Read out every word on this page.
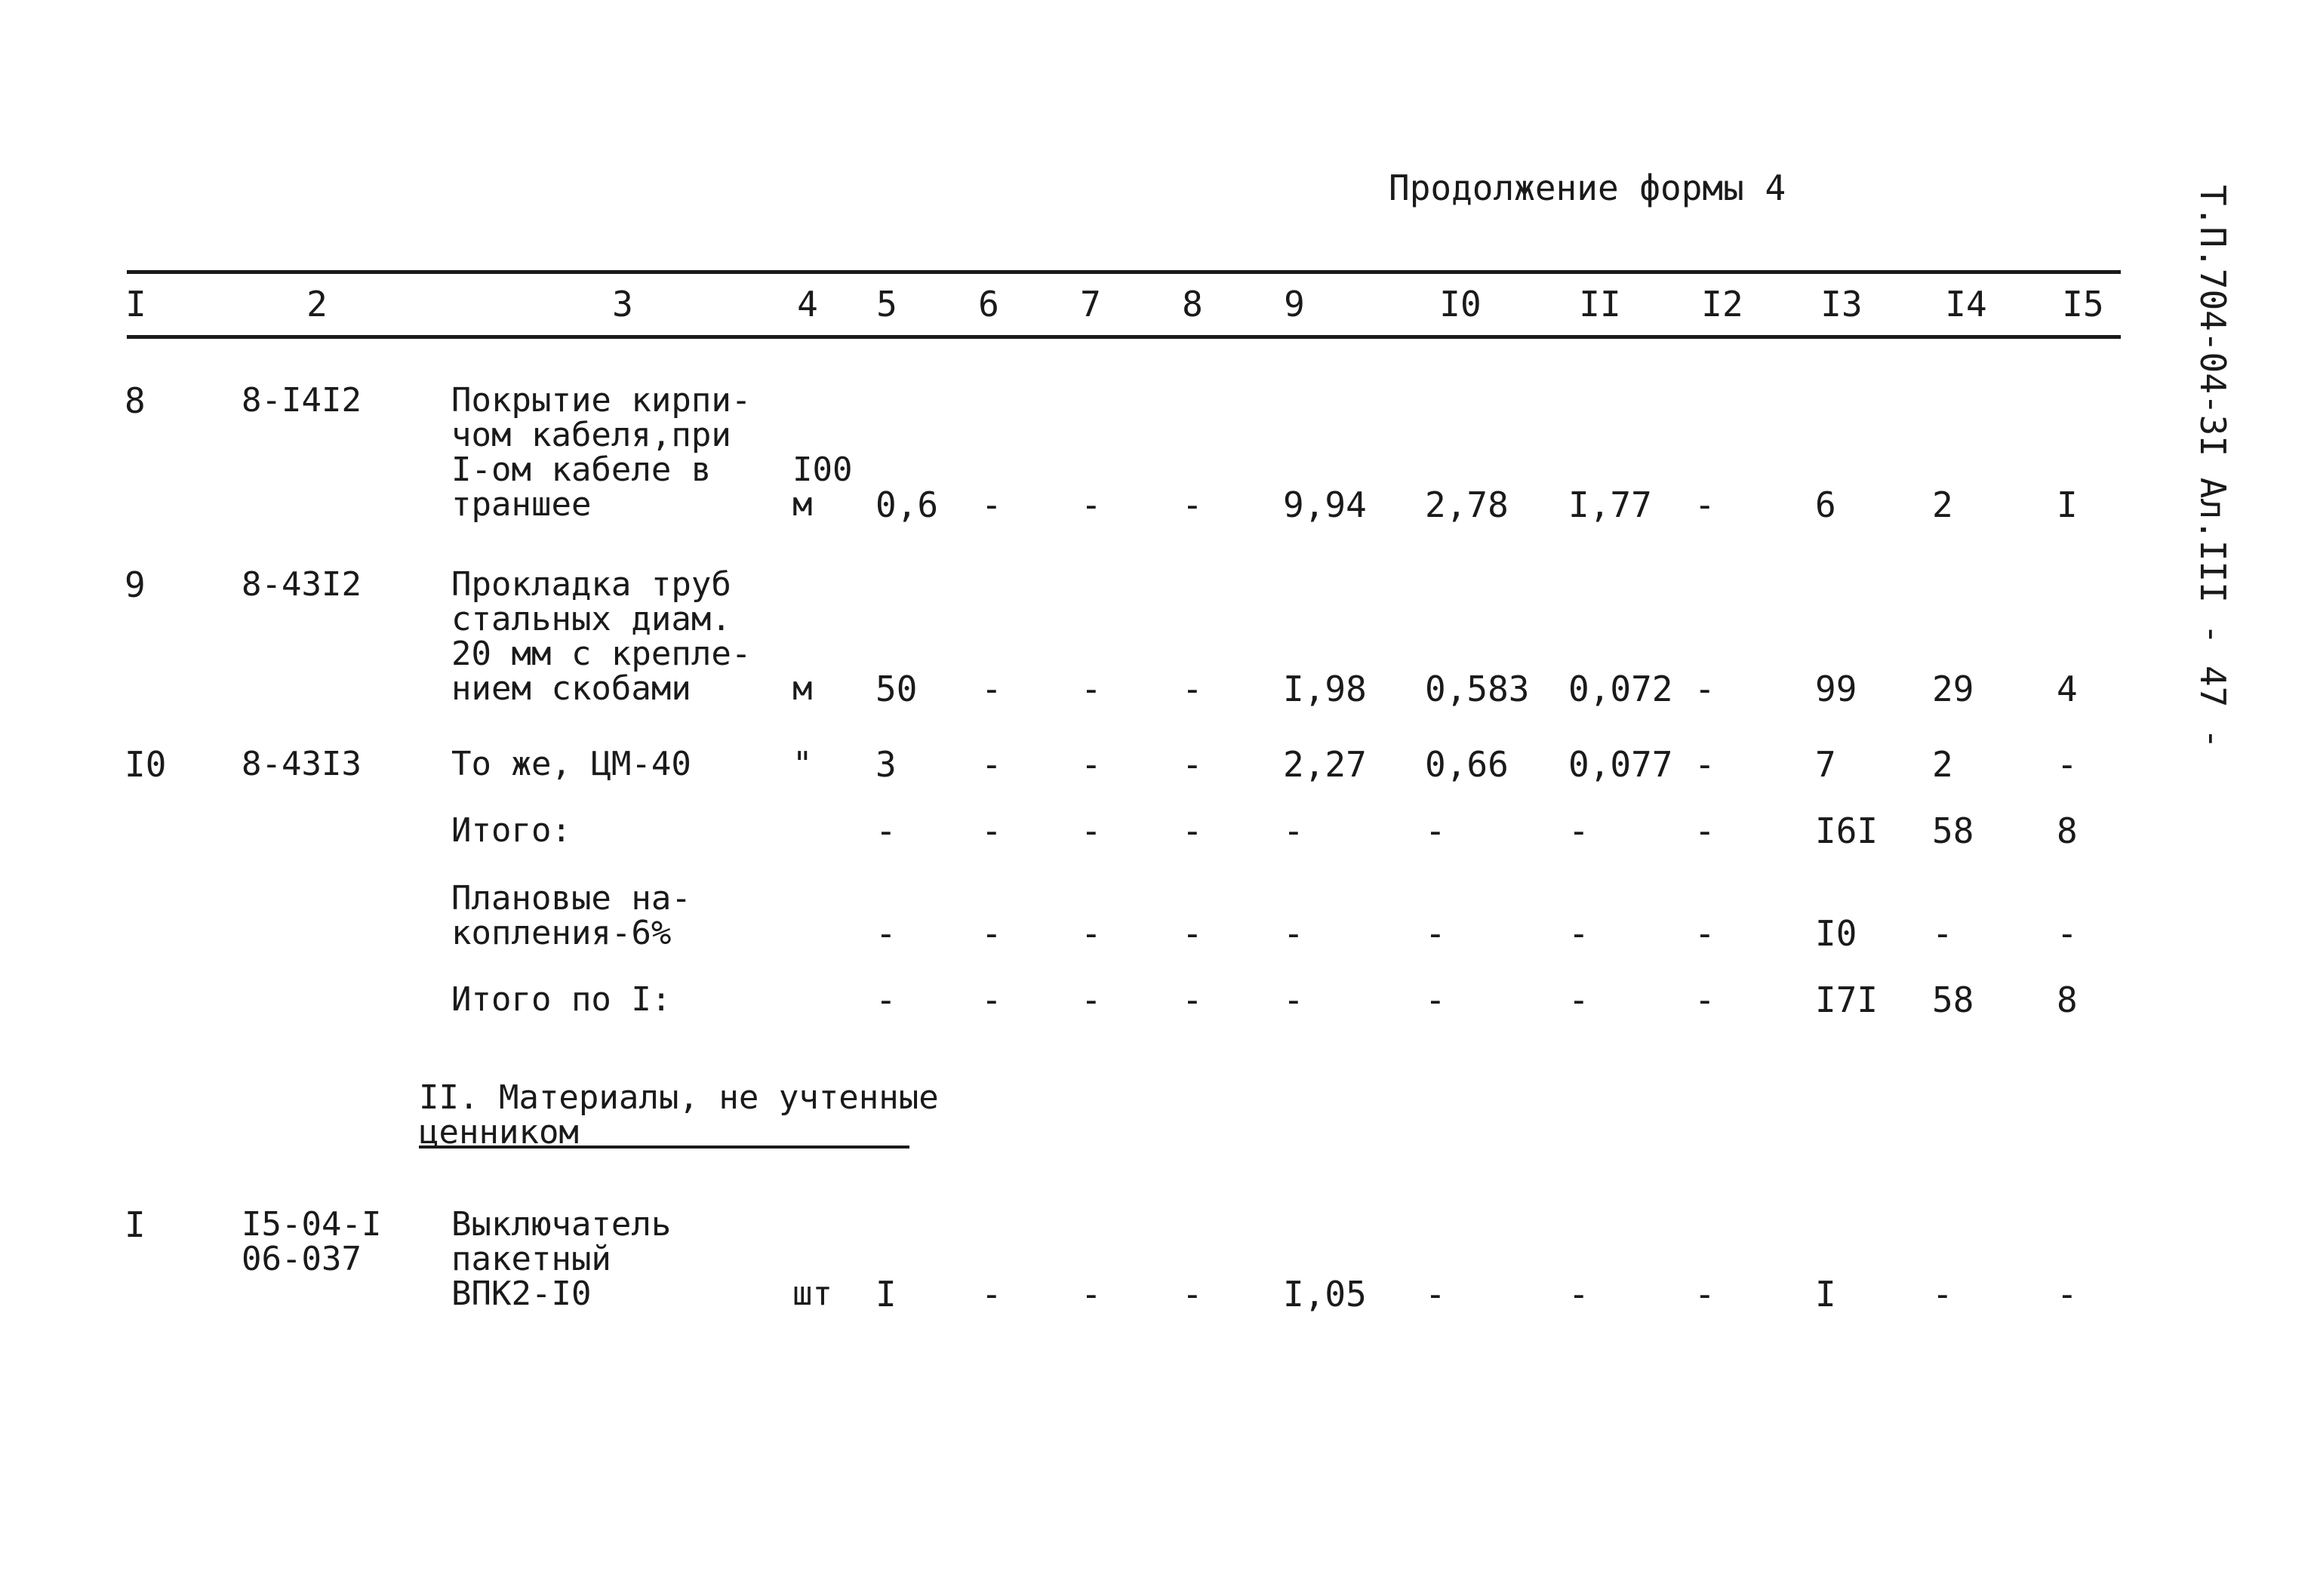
Продолжение формы 4	Т.П.704-04-3I Ал.III - 47 -
I	2	3	4 5 6 7 8 9	I0	II I2 I3 I4 I5
8	8-I4I2	Покрытие кирпи-
чом кабеля,при
I-ом кабеле в
траншее
I00
м	0,6 - - - 9,94 2,78 I,77 -	6	2	I
9	8-43I2	Прокладка труб
стальных диам.
20 мм с крепле-
нием скобами	м 50 - - - I,98 0,583 0,072 -	99 29 4
I0 8-43I3	То же, ЦМ-40	" 3 - - - 2,27 0,66 0,077 -	7	2	-
Итого:	- - - - -	-	-	-	I6I 58 8
Плановые на-
копления-6%	- - - - -	-	-	-	I0 -	-
Итого по I:	- - - - -	-	-	-	I7I 58 8
I	I5-04-I
06-037
Выключатель
пакетный
ВПК2-I0	шт I - - - I,05 -	-	-	I	-	-
II. Материалы, не учтенные
ценником
